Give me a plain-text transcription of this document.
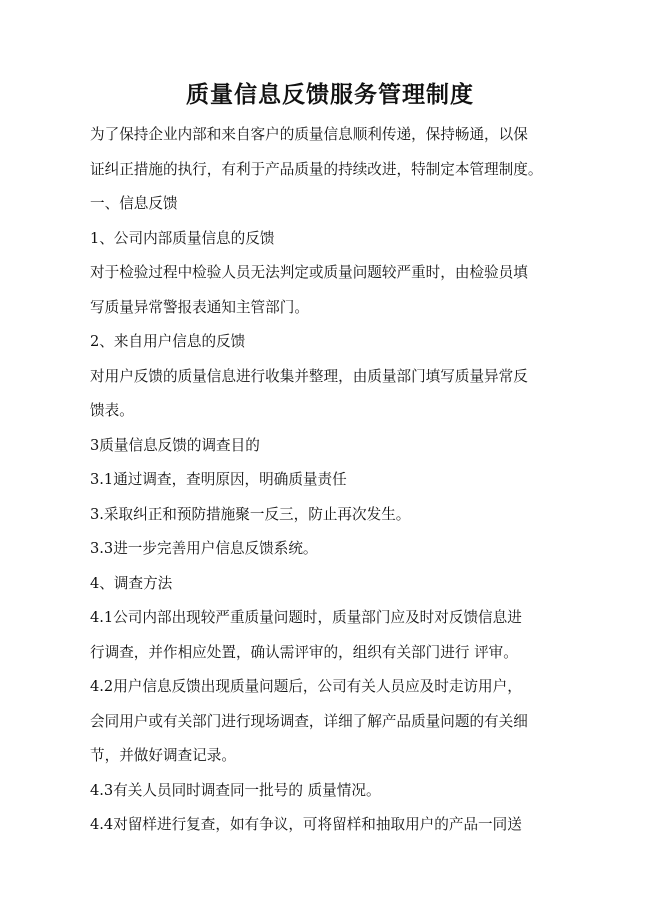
质量信息反馈服务管理制度

为了保持企业内部和来自客户的质量信息顺利传递，保持畅通，以保

证纠正措施的执行，有利于产品质量的持续改进，特制定本管理制度。

一、信息反馈

1、公司内部质量信息的反馈

对于检验过程中检验人员无法判定或质量问题较严重时，由检验员填

写质量异常警报表通知主管部门。

2、来自用户信息的反馈

对用户反馈的质量信息进行收集并整理，由质量部门填写质量异常反

馈表。

3质量信息反馈的调查目的

3.1通过调查，查明原因，明确质量责任

3.采取纠正和预防措施聚一反三，防止再次发生。

3.3进一步完善用户信息反馈系统。

4、调查方法

4.1公司内部出现较严重质量问题时，质量部门应及时对反馈信息进

行调查，并作相应处置，确认需评审的，组织有关部门进行 评审。

4.2用户信息反馈出现质量问题后，公司有关人员应及时走访用户，

会同用户或有关部门进行现场调查，详细了解产品质量问题的有关细

节，并做好调查记录。

4.3有关人员同时调查同一批号的 质量情况。

4.4对留样进行复查，如有争议，可将留样和抽取用户的产品一同送
